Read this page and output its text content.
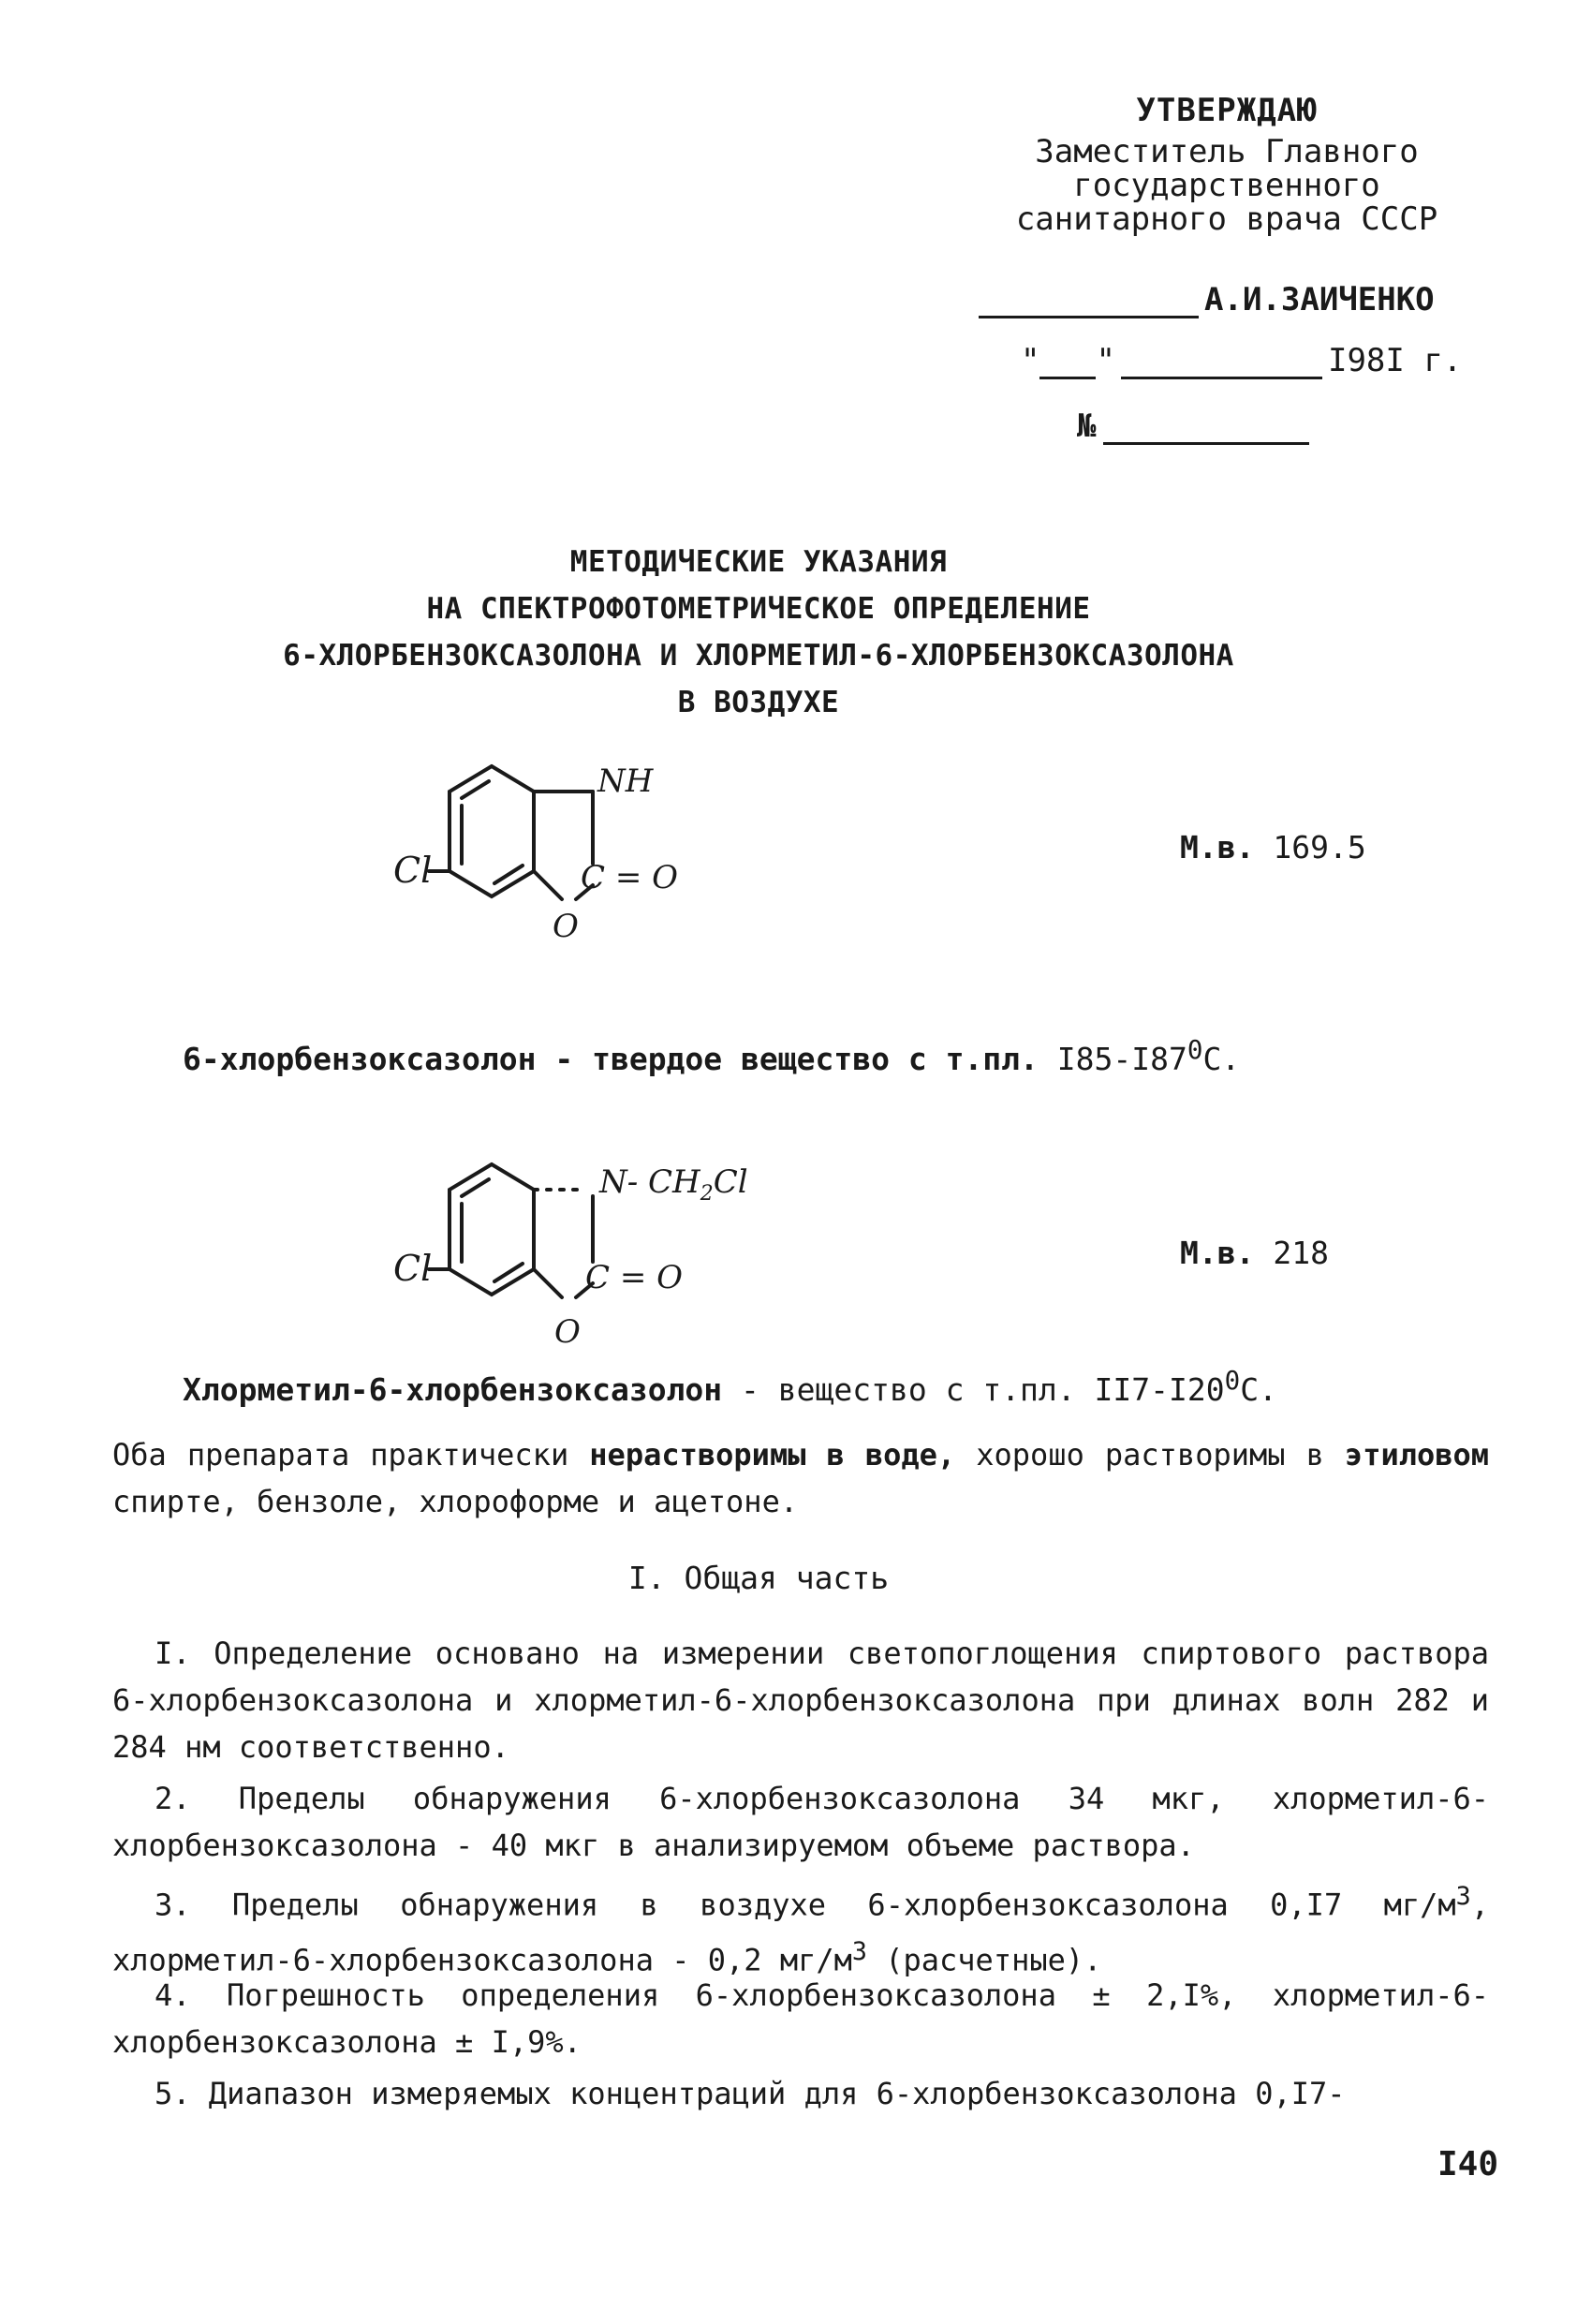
УТВЕРЖДАЮ
Заместитель Главного
государственного
санитарного врача СССР
А.И.ЗАИЧЕНКО
" "	I98I г.
№
МЕТОДИЧЕСКИЕ УКАЗАНИЯ
НА СПЕКТРОФОТОМЕТРИЧЕСКОЕ ОПРЕДЕЛЕНИЕ
6-ХЛОРБЕНЗОКСАЗОЛОНА И ХЛОРМЕТИЛ-6-ХЛОРБЕНЗОКСАЗОЛОНА
В ВОЗДУХЕ
NH
C = O
O
Cl
М.в. 169.5
6-хлорбензоксазолон - твердое вещество с т.пл. $I85-I87^0С$.
N- $CH_2Cl$
C = O
O
Cl	М.в. 218
Хлорметил-6-хлорбензоксазолон - вещество с т.пл. $II7-I20^0С$.
Оба препарата практически нерастворимы в воде, хорошо растворимы в этиловом спирте, бензоле, хлороформе и ацетоне.
I. Общая часть
I. Определение основано на измерении светопоглощения спиртового раствора 6-хлорбензоксазолона и хлорметил-6-хлорбензоксазолона при длинах волн 282 и 284 нм соответственно.
2. Пределы обнаружения 6-хлорбензоксазолона 34 мкг, хлорметил-6-хлорбензоксазолона - 40 мкг в анализируемом объеме раствора.
3. Пределы обнаружения в воздухе 6-хлорбензоксазолона 0,I7 $мг/м^3$, хлорметил-6-хлорбензоксазолона - 0,2 $мг/м^3$ (расчетные).
4. Погрешность определения 6-хлорбензоксазолона ± 2,I%, хлорметил-6-хлорбензоксазолона ± I,9%.
5. Диапазон измеряемых концентраций для 6-хлорбензоксазолона 0,I7-
I40
